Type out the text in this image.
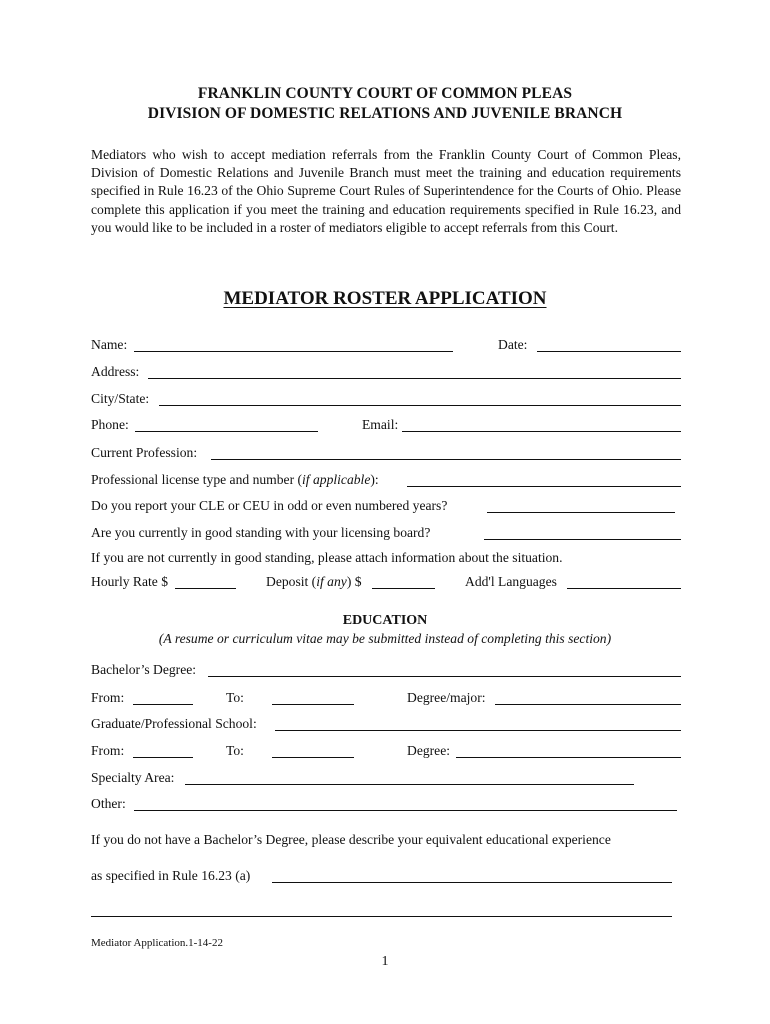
FRANKLIN COUNTY COURT OF COMMON PLEAS
DIVISION OF DOMESTIC RELATIONS AND JUVENILE BRANCH
Mediators who wish to accept mediation referrals from the Franklin County Court of Common Pleas, Division of Domestic Relations and Juvenile Branch must meet the training and education requirements specified in Rule 16.23 of the Ohio Supreme Court Rules of Superintendence for the Courts of Ohio. Please complete this application if you meet the training and education requirements specified in Rule 16.23, and you would like to be included in a roster of mediators eligible to accept referrals from this Court.
MEDIATOR ROSTER APPLICATION
Name:	Date:
Address:
City/State:
Phone:	Email:
Current Profession:
Professional license type and number (if applicable):
Do you report your CLE or CEU in odd or even numbered years?
Are you currently in good standing with your licensing board?
If you are not currently in good standing, please attach information about the situation.
Hourly Rate $	Deposit (if any) $	Add'l Languages
EDUCATION
(A resume or curriculum vitae may be submitted instead of completing this section)
Bachelor’s Degree:
From:	To:	Degree/major:
Graduate/Professional School:
From:	To:	Degree:
Specialty Area:
Other:
If you do not have a Bachelor’s Degree, please describe your equivalent educational experience
as specified in Rule 16.23 (a)
Mediator Application.1-14-22
1
